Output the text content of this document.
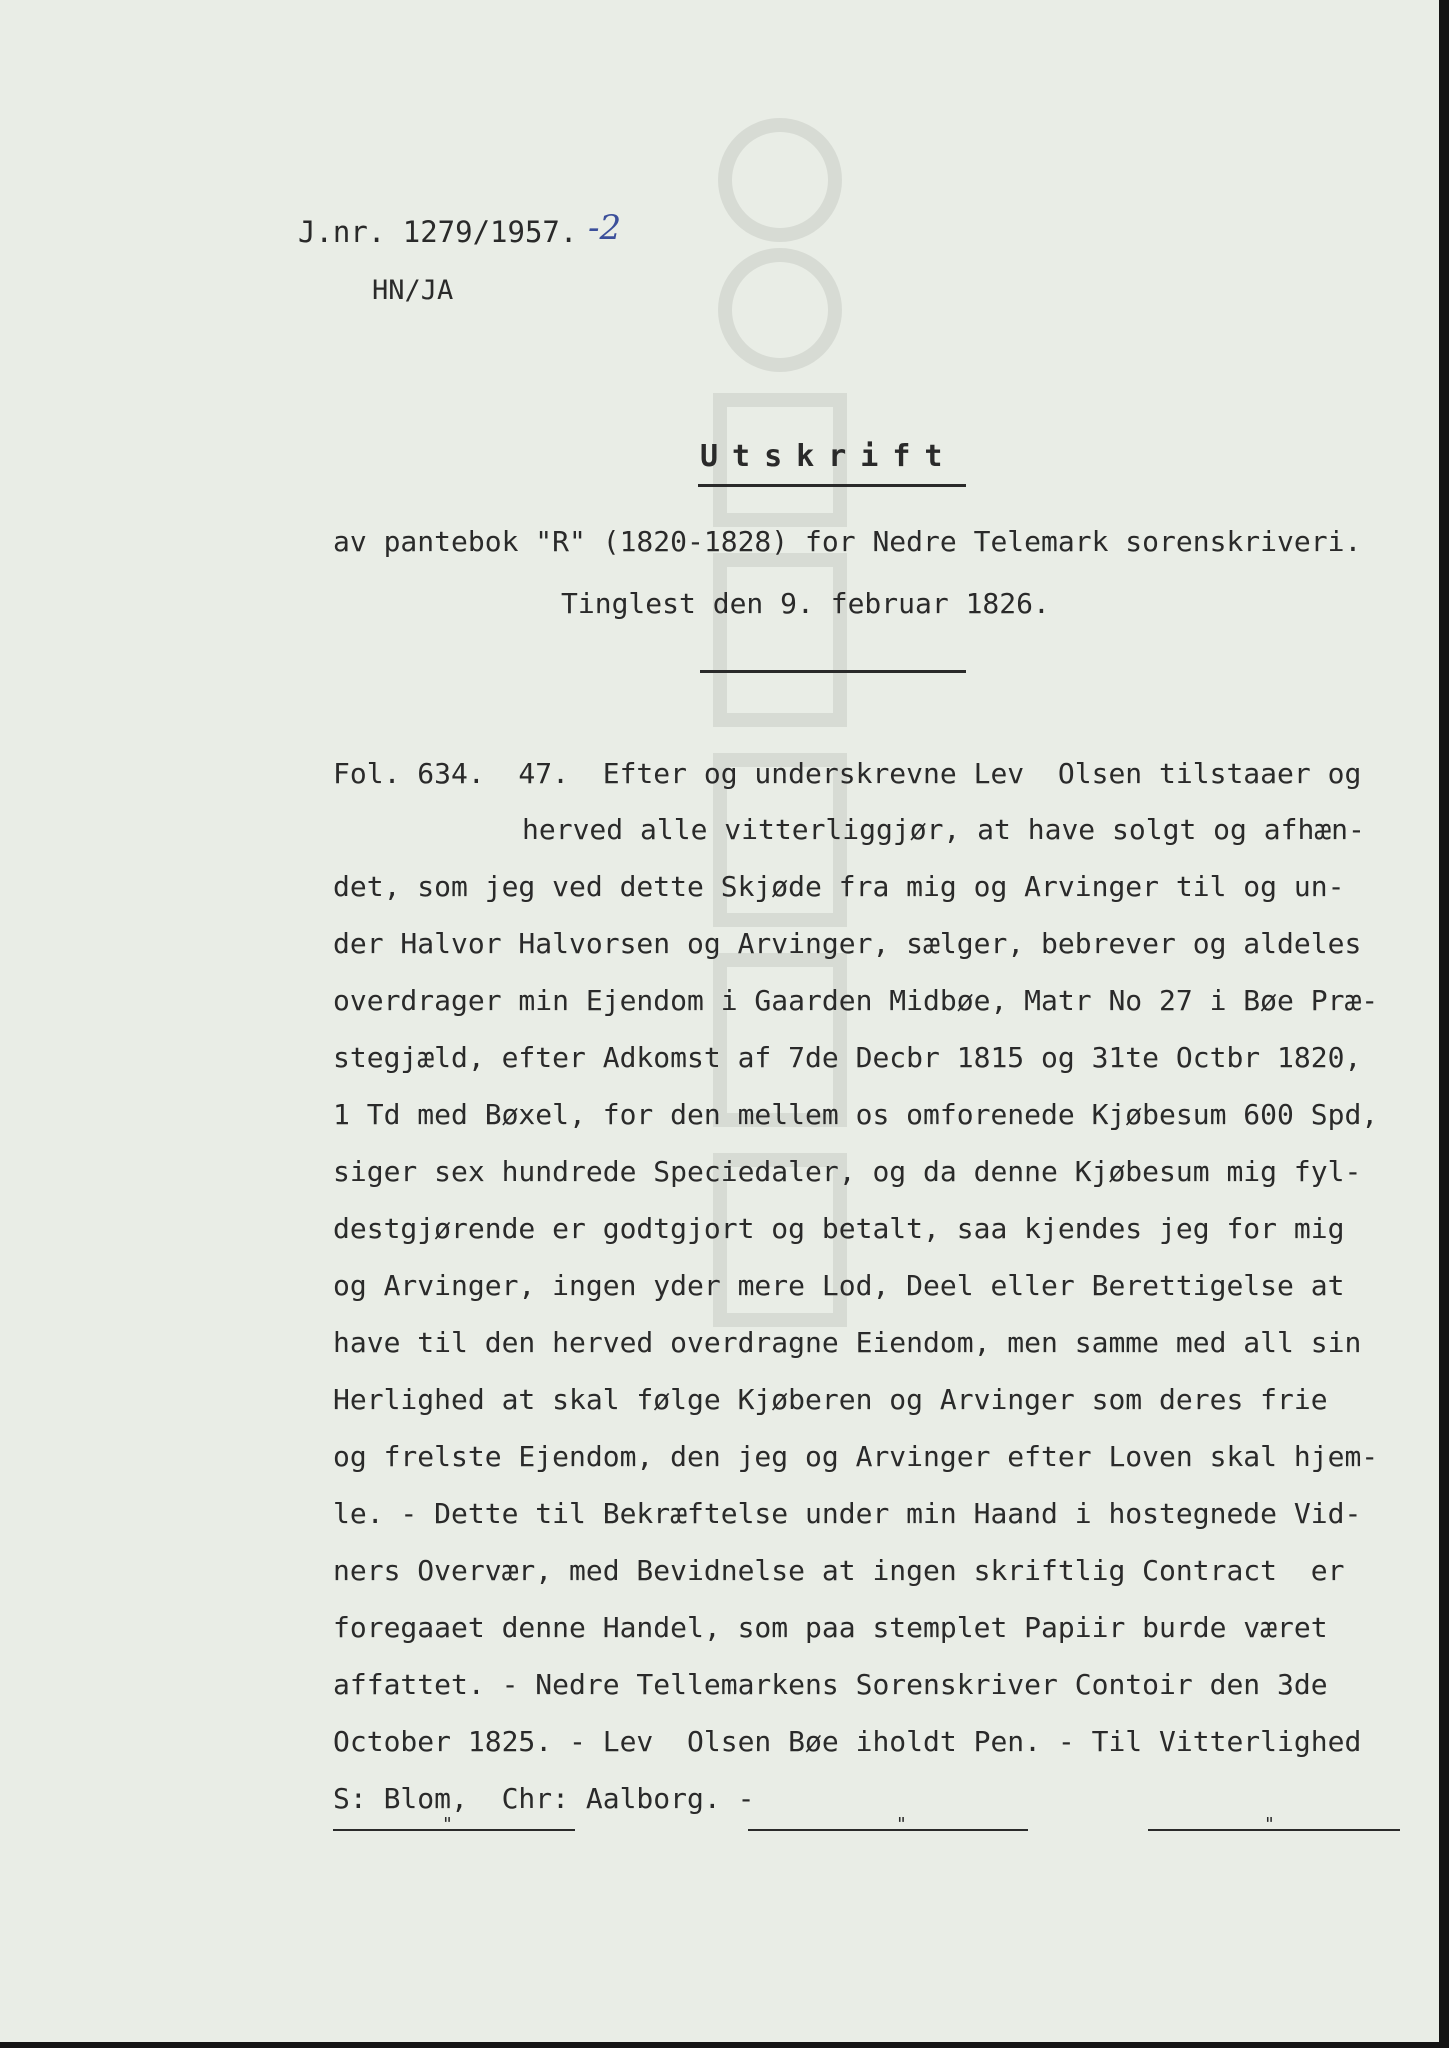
J.nr. 1279/1957. -2
HN/JA
Utskrift
av pantebok "R" (1820-1828) for Nedre Telemark sorenskriveri.
Tinglest den 9. februar 1826.
Fol. 634.  47.  Efter og underskrevne Lev  Olsen tilstaaer og
herved alle vitterliggjør, at have solgt og afhæn-
det, som jeg ved dette Skjøde fra mig og Arvinger til og un-
der Halvor Halvorsen og Arvinger, sælger, bebrever og aldeles
overdrager min Ejendom i Gaarden Midbøe, Matr No 27 i Bøe Præ-
stegjæld, efter Adkomst af 7de Decbr 1815 og 31te Octbr 1820,
1 Td med Bøxel, for den mellem os omforenede Kjøbesum 600 Spd,
siger sex hundrede Speciedaler, og da denne Kjøbesum mig fyl-
destgjørende er godtgjort og betalt, saa kjendes jeg for mig
og Arvinger, ingen yder mere Lod, Deel eller Berettigelse at
have til den herved overdragne Eiendom, men samme med all sin
Herlighed at skal følge Kjøberen og Arvinger som deres frie
og frelste Ejendom, den jeg og Arvinger efter Loven skal hjem-
le. - Dette til Bekræftelse under min Haand i hostegnede Vid-
ners Overvær, med Bevidnelse at ingen skriftlig Contract  er
foregaaet denne Handel, som paa stemplet Papiir burde været
affattet. - Nedre Tellemarkens Sorenskriver Contoir den 3de
October 1825. - Lev  Olsen Bøe iholdt Pen. - Til Vitterlighed
S: Blom,  Chr: Aalborg. -
"	"	"
